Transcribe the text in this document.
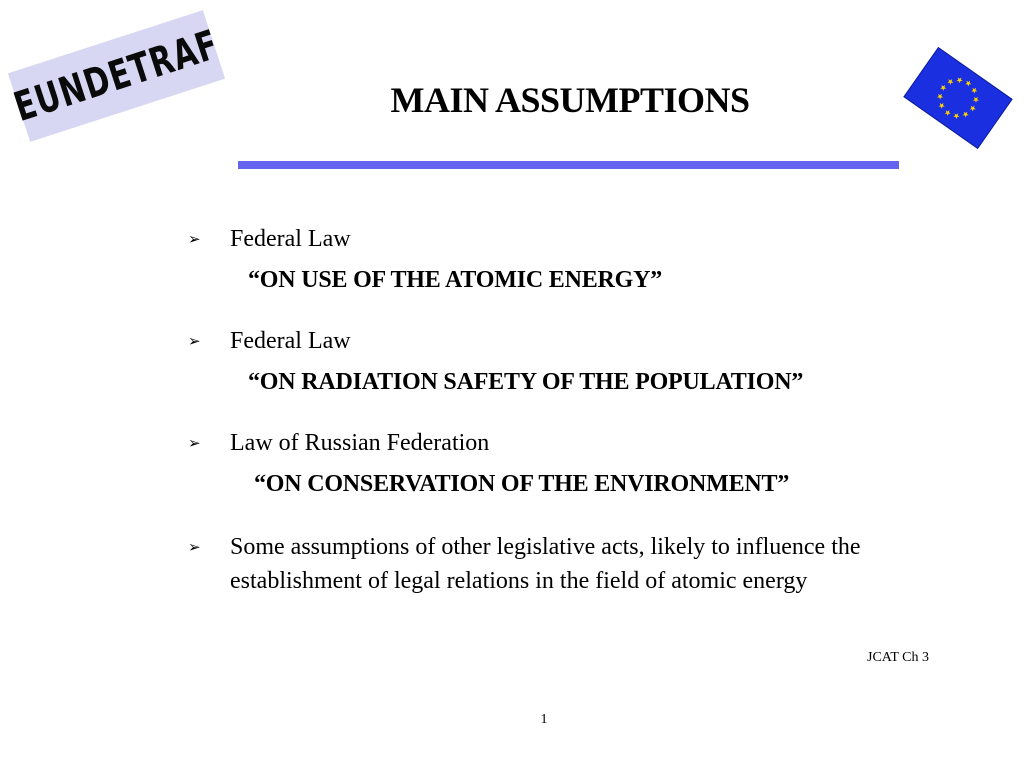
EUNDETRAF	MAIN ASSUMPTIONS
➢	Federal Law
“ON USE OF THE ATOMIC ENERGY”
➢	Federal Law
“ON RADIATION SAFETY OF THE POPULATION”
➢	Law of Russian Federation
“ON CONSERVATION OF THE ENVIRONMENT”
➢	Some assumptions of other legislative acts, likely to influence the establishment of legal relations in the field of atomic energy
JCAT Ch 3
1
